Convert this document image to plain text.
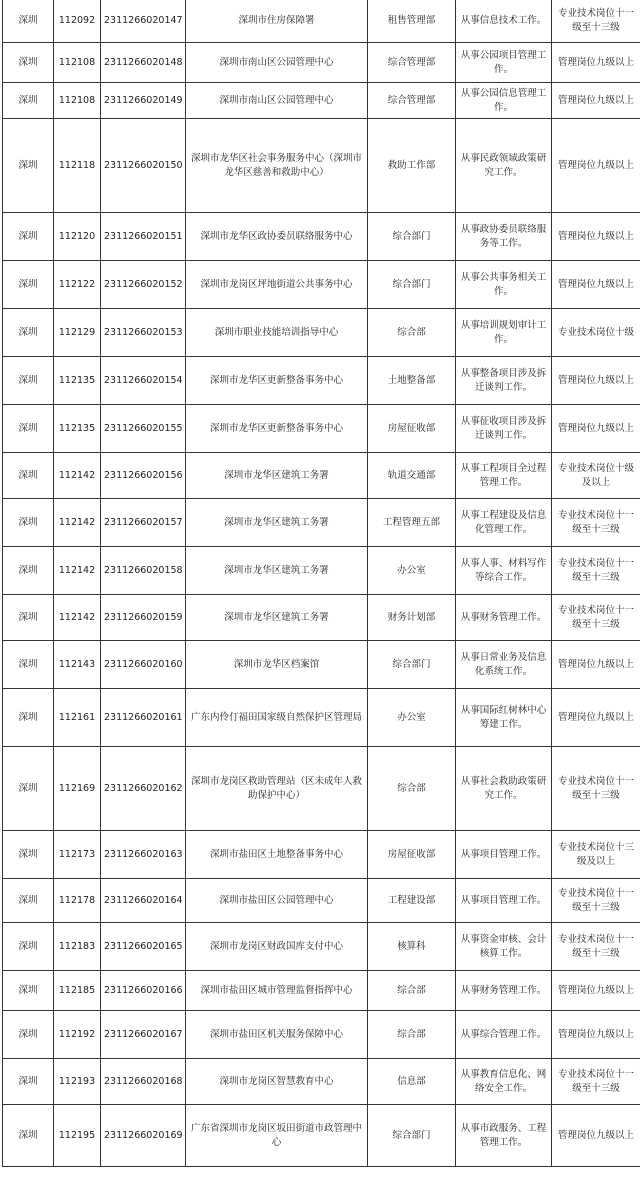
深圳	112092	2311266020147	深圳市住房保障署	租售管理部	从事信息技术工作。	专业技术岗位十一级至十三级
深圳	112108	2311266020148	深圳市南山区公园管理中心	综合管理部	从事公园项目管理工作。	管理岗位九级以上
深圳	112108	2311266020149	深圳市南山区公园管理中心	综合管理部	从事公园信息管理工作。	管理岗位九级以上
深圳	112118	2311266020150	深圳市龙华区社会事务服务中心（深圳市龙华区慈善和救助中心）	救助工作部	从事民政领域政策研究工作。	管理岗位九级以上
深圳	112120	2311266020151	深圳市龙华区政协委员联络服务中心	综合部门	从事政协委员联络服务等工作。	管理岗位九级以上
深圳	112122	2311266020152	深圳市龙岗区坪地街道公共事务中心	综合部门	从事公共事务相关工作。	管理岗位九级以上
深圳	112129	2311266020153	深圳市职业技能培训指导中心	综合部	从事培训规划审计工作。	专业技术岗位十级
深圳	112135	2311266020154	深圳市龙华区更新整备事务中心	土地整备部	从事整备项目涉及拆迁谈判工作。	管理岗位九级以上
深圳	112135	2311266020155	深圳市龙华区更新整备事务中心	房屋征收部	从事征收项目涉及拆迁谈判工作。	管理岗位九级以上
深圳	112142	2311266020156	深圳市龙华区建筑工务署	轨道交通部	从事工程项目全过程管理工作。	专业技术岗位十级及以上
深圳	112142	2311266020157	深圳市龙华区建筑工务署	工程管理五部	从事工程建设及信息化管理工作。	专业技术岗位十一级至十三级
深圳	112142	2311266020158	深圳市龙华区建筑工务署	办公室	从事人事、材料写作等综合工作。	专业技术岗位十一级至十三级
深圳	112142	2311266020159	深圳市龙华区建筑工务署	财务计划部	从事财务管理工作。	专业技术岗位十一级至十三级
深圳	112143	2311266020160	深圳市龙华区档案馆	综合部门	从事日常业务及信息化系统工作。	管理岗位九级以上
深圳	112161	2311266020161	广东内伶仃福田国家级自然保护区管理局	办公室	从事国际红树林中心筹建工作。	管理岗位九级以上
深圳	112169	2311266020162	深圳市龙岗区救助管理站（区未成年人救助保护中心）	综合部	从事社会救助政策研究工作。	专业技术岗位十一级至十三级
深圳	112173	2311266020163	深圳市盐田区土地整备事务中心	房屋征收部	从事项目管理工作。	专业技术岗位十三级及以上
深圳	112178	2311266020164	深圳市盐田区公园管理中心	工程建设部	从事项目管理工作。	专业技术岗位十一级至十三级
深圳	112183	2311266020165	深圳市龙岗区财政国库支付中心	核算科	从事资金审核、会计核算工作。	专业技术岗位十一级至十三级
深圳	112185	2311266020166	深圳市盐田区城市管理监督指挥中心	综合部	从事财务管理工作。	管理岗位九级以上
深圳	112192	2311266020167	深圳市盐田区机关服务保障中心	综合部	从事综合管理工作。	管理岗位九级以上
深圳	112193	2311266020168	深圳市龙岗区智慧教育中心	信息部	从事教育信息化、网络安全工作。	专业技术岗位十一级至十三级
深圳	112195	2311266020169	广东省深圳市龙岗区坂田街道市政管理中心	综合部门	从事市政服务、工程管理工作。	管理岗位九级以上
